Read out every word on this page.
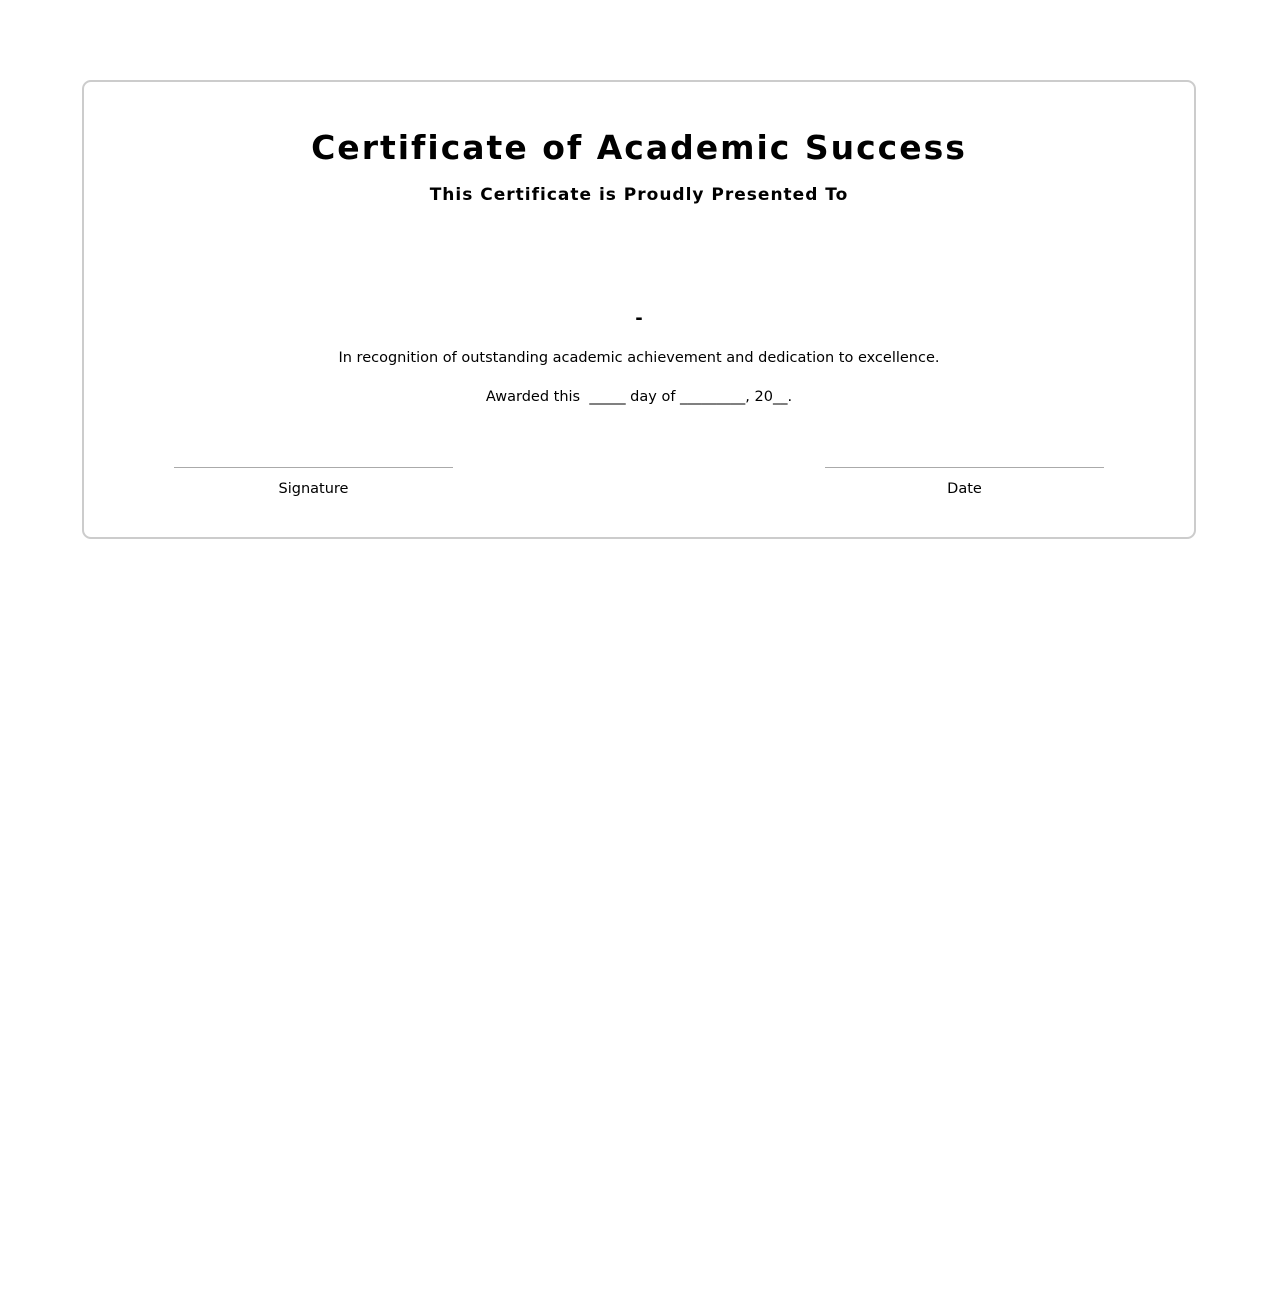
Certificate of Academic Success
This Certificate is Proudly Presented To
-

In recognition of outstanding academic achievement and dedication to excellence.

Awarded this  _____ day of _________, 20__.

Signature	Date
